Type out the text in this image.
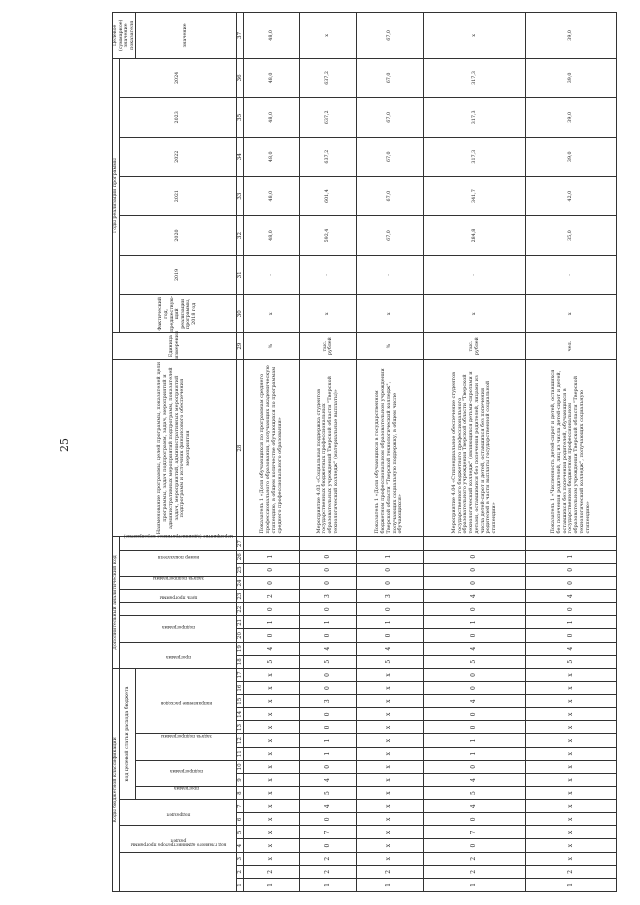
25
Коды бюджетной классификации																	Дополнительный аналитический код										Наименование программы, целей программы, показателей цели программы, задач подпрограмм, задач, мероприятий и административных мероприятий подпрограмм, показателей задач, мероприятий, административных мероприятий подпрограмм и источник финансового обеспечения мероприятия	Единица измерения	Годы реализации программы							Целевое (суммарное) значение показателя
код главного администратора программы			раздел		подраздел		код целевой статьи расхода бюджета										программа		подпрограмма		цель программы	задача подпрограммы	мероприятие (административное мероприятие)	номер показателя					Фактический год, предшествую-щий реализации программы, 2018 год	2019	2020	2021	2022	2023	2024	
							программа	подпрограмма		задача подпрограммы		направление расходов																								значение
1	2	3	4	5	6	7	8	9	10	11	12	13	14	15	16	17	18	19	20	21	22	23	24	25	26	27	28	29	30	31	32	33	34	35	36	37
1	2	x	x	x	x	x	x	x	x	x	x	x	x	x	x	x	5	4	0	1	0	2	0	0	1		Показатель 1 «Доля обучающихся по программам среднего профессионального образования, получающих академическую стипендию, в общем количестве обучающихся по программам среднего профессионального образования»	%	x	-	48,0	48,0	48,0	48,0	48,0	48,0
1	2	2	0	7	0	4	5	4	0	1	1	0	0	3	0	0	5	4	0	1	0	3	0	0	0		Мероприятие 4.03 «Социальная поддержка студентов государственных бюджетных профессиональных образовательных учреждений Тверской области "Тверской технологический колледж" (материальные выплаты)»	тыс. рублей	x	-	592,4	601,4	637,2	637,2	637,2	x
1	2	x	x	x	x	x	x	x	x	x	x	x	x	x	x	x	5	4	0	1	0	3	0	0	1		Показатель 1 «Доля обучающихся в государственном бюджетном профессиональном образовательном учреждении Тверской области "Тверской технологический колледж", получающих социальную поддержку, в общем числе обучающихся»	%	x	-	67,0	67,0	67,0	67,0	67,0	67,0
1	2	2	0	7	0	4	5	4	0	1	1	0	0	4	0	0	5	4	0	1	0	4	0	0	0		Мероприятие 4.04 «Стипендиальное обеспечение студентов государственного бюджетного профессионального образовательного учреждения Тверской области "Тверской технологический колледж" (являющихся детьми-сиротами и детьми, оставшимися без попечения родителей, лицами из числа детей-сирот и детей, оставшихся без попечения родителей в части выплаты государственной социальной стипендии»	тыс. рублей	x	-	284,8	341,7	317,3	317,3	317,3	x
1	2	x	x	x	x	x	x	x	x	x	x	x	x	x	x	x	5	4	0	1	0	4	0	0	1		Показатель 1 «Численность детей-сирот и детей, оставшихся без попечения родителей, лиц из числа детей-сирот и детей, оставшихся без попечения родителей, обучающихся в государственном бюджетном профессиональном образовательном учреждении Тверской области "Тверской технологический колледж", получающих социальную стипендию»	чел.	x	-	35,0	42,0	39,0	39,0	39,0	39,0
